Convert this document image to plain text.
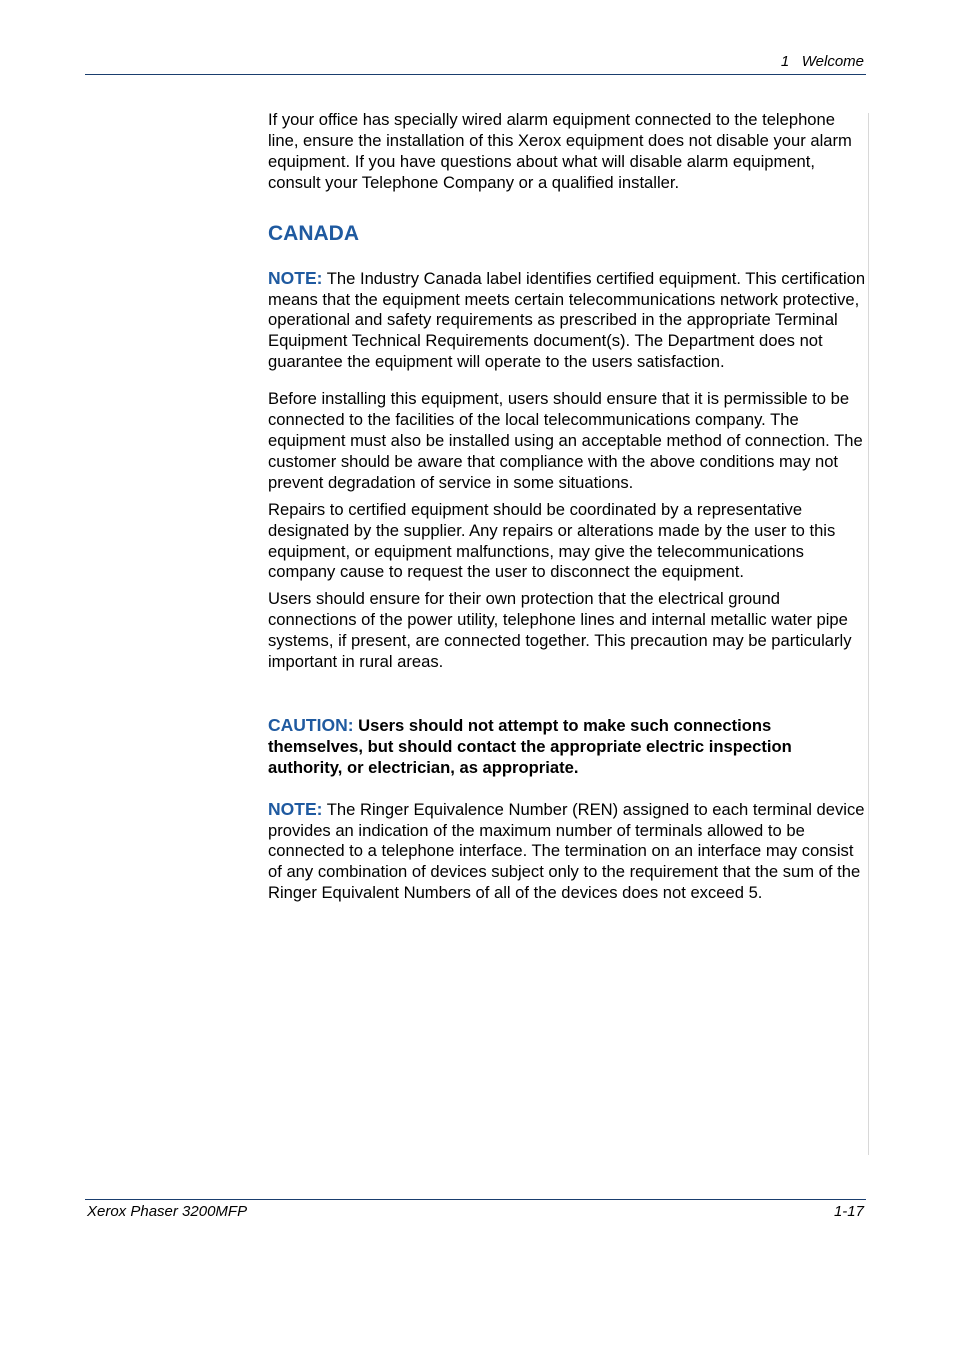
1   Welcome

If your office has specially wired alarm equipment connected to the telephone line, ensure the installation of this Xerox equipment does not disable your alarm equipment. If you have questions about what will disable alarm equipment, consult your Telephone Company or a qualified installer.

CANADA

NOTE: The Industry Canada label identifies certified equipment. This certification means that the equipment meets certain telecommunications network protective, operational and safety requirements as prescribed in the appropriate Terminal Equipment Technical Requirements document(s). The Department does not guarantee the equipment will operate to the users satisfaction.

Before installing this equipment, users should ensure that it is permissible to be connected to the facilities of the local telecommunications company. The equipment must also be installed using an acceptable method of connection. The customer should be aware that compliance with the above conditions may not prevent degradation of service in some situations.

Repairs to certified equipment should be coordinated by a representative designated by the supplier. Any repairs or alterations made by the user to this equipment, or equipment malfunctions, may give the telecommunications company cause to request the user to disconnect the equipment.

Users should ensure for their own protection that the electrical ground connections of the power utility, telephone lines and internal metallic water pipe systems, if present, are connected together. This precaution may be particularly important in rural areas.

CAUTION: Users should not attempt to make such connections themselves, but should contact the appropriate electric inspection authority, or electrician, as appropriate.

NOTE: The Ringer Equivalence Number (REN) assigned to each terminal device provides an indication of the maximum number of terminals allowed to be connected to a telephone interface. The termination on an interface may consist of any combination of devices subject only to the requirement that the sum of the Ringer Equivalent Numbers of all of the devices does not exceed 5.

Xerox Phaser 3200MFP	1-17
